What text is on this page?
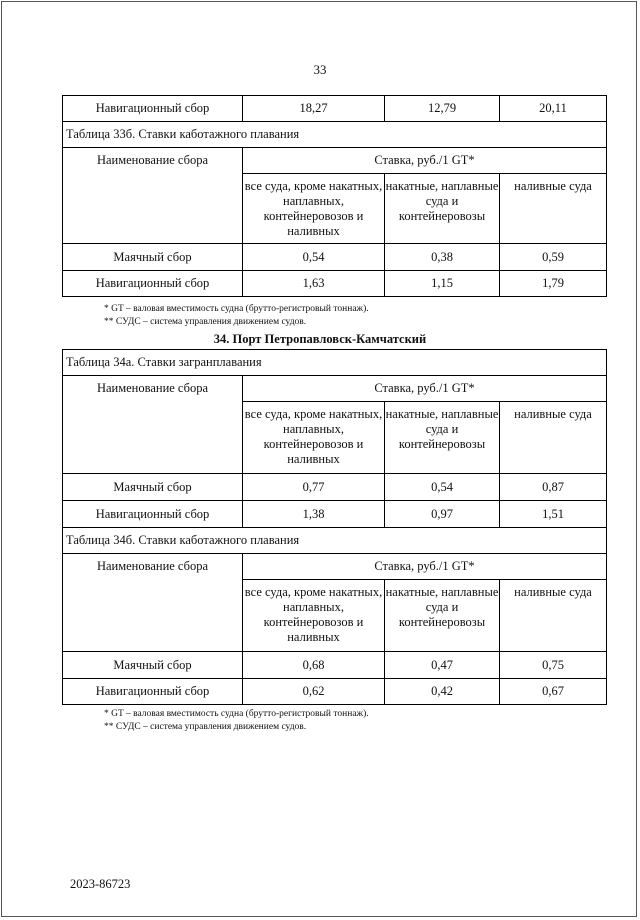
33
Навигационный сбор	18,27	12,79	20,11
Таблица 33б. Ставки каботажного плавания			
Наименование сбора	Ставка, руб./1 GT*		
	все суда, кроме накатных, наплавных, контейнеровозов и наливных	накатные, наплавные суда и контейнеровозы	наливные суда
Маячный сбор	0,54	0,38	0,59
Навигационный сбор	1,63	1,15	1,79
* GT – валовая вместимость судна (брутто-регистровый тоннаж).
** СУДС – система управления движением судов.
34. Порт Петропавловск-Камчатский
Таблица 34а. Ставки загранплавания			
Наименование сбора	Ставка, руб./1 GT*		
	все суда, кроме накатных, наплавных, контейнеровозов и наливных	накатные, наплавные суда и контейнеровозы	наливные суда
Маячный сбор	0,77	0,54	0,87
Навигационный сбор	1,38	0,97	1,51
Таблица 34б. Ставки каботажного плавания			
Наименование сбора	Ставка, руб./1 GT*		
	все суда, кроме накатных, наплавных, контейнеровозов и наливных	накатные, наплавные суда и контейнеровозы	наливные суда
Маячный сбор	0,68	0,47	0,75
Навигационный сбор	0,62	0,42	0,67
* GT – валовая вместимость судна (брутто-регистровый тоннаж).
** СУДС – система управления движением судов.
2023-86723
